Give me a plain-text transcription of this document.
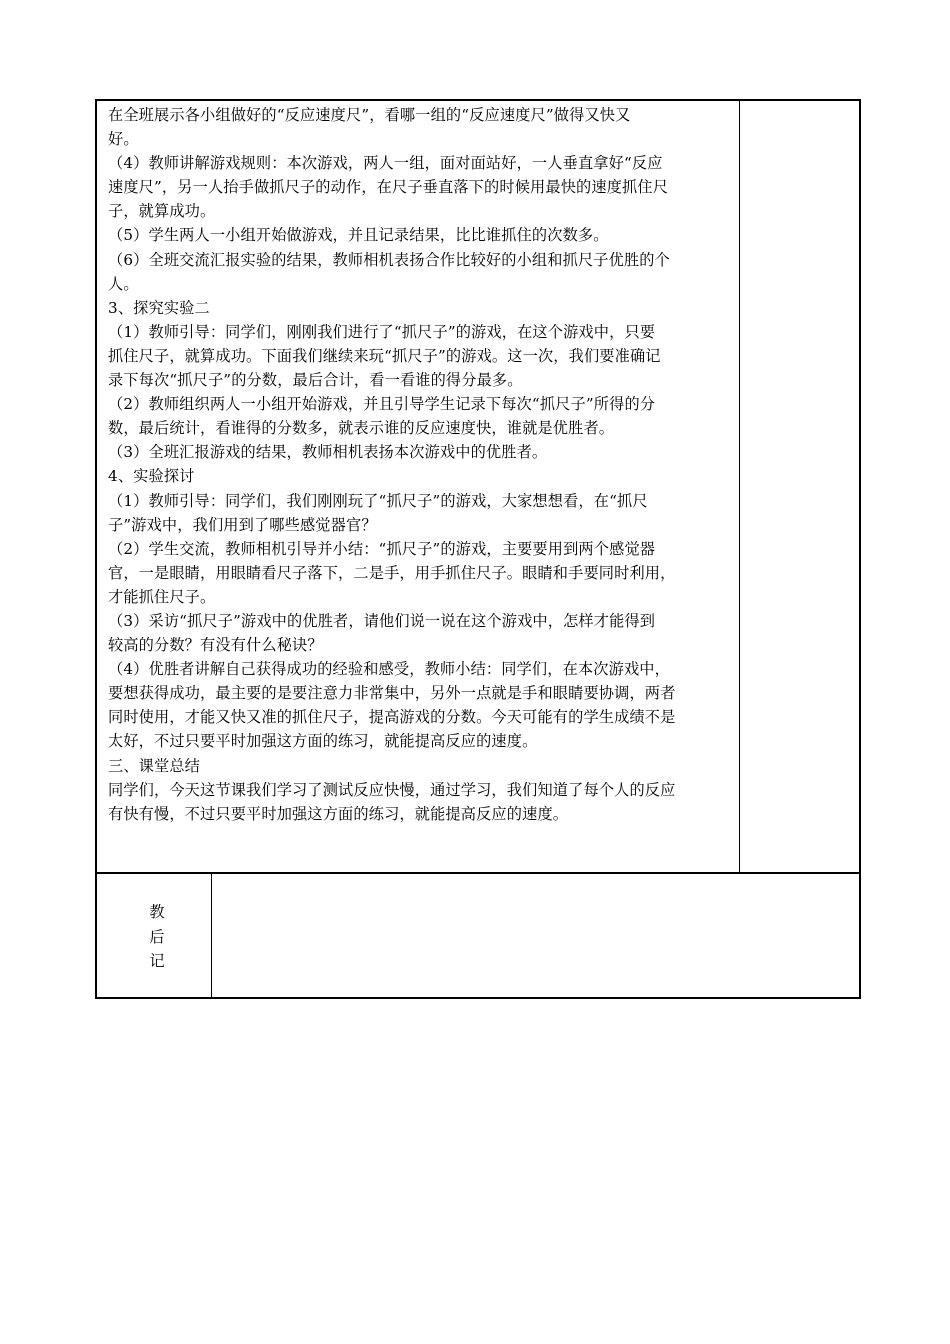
在全班展示各小组做好的“反应速度尺”，看哪一组的“反应速度尺”做得又快又
好。
（4）教师讲解游戏规则：本次游戏，两人一组，面对面站好，一人垂直拿好“反应
速度尺”，另一人抬手做抓尺子的动作，在尺子垂直落下的时候用最快的速度抓住尺
子，就算成功。
（5）学生两人一小组开始做游戏，并且记录结果，比比谁抓住的次数多。
（6）全班交流汇报实验的结果，教师相机表扬合作比较好的小组和抓尺子优胜的个
人。
3、探究实验二
（1）教师引导：同学们，刚刚我们进行了“抓尺子”的游戏，在这个游戏中，只要
抓住尺子，就算成功。下面我们继续来玩“抓尺子”的游戏。这一次，我们要准确记
录下每次“抓尺子”的分数，最后合计，看一看谁的得分最多。
（2）教师组织两人一小组开始游戏，并且引导学生记录下每次“抓尺子”所得的分
数，最后统计，看谁得的分数多，就表示谁的反应速度快，谁就是优胜者。
（3）全班汇报游戏的结果，教师相机表扬本次游戏中的优胜者。
4、实验探讨
（1）教师引导：同学们，我们刚刚玩了“抓尺子”的游戏，大家想想看，在“抓尺
子”游戏中，我们用到了哪些感觉器官？
（2）学生交流，教师相机引导并小结：“抓尺子”的游戏，主要要用到两个感觉器
官，一是眼睛，用眼睛看尺子落下，二是手，用手抓住尺子。眼睛和手要同时利用，
才能抓住尺子。
（3）采访“抓尺子”游戏中的优胜者，请他们说一说在这个游戏中，怎样才能得到
较高的分数？有没有什么秘诀？
（4）优胜者讲解自己获得成功的经验和感受，教师小结：同学们，在本次游戏中，
要想获得成功，最主要的是要注意力非常集中，另外一点就是手和眼睛要协调，两者
同时使用，才能又快又准的抓住尺子，提高游戏的分数。今天可能有的学生成绩不是
太好，不过只要平时加强这方面的练习，就能提高反应的速度。
三、课堂总结
同学们，今天这节课我们学习了测试反应快慢，通过学习，我们知道了每个人的反应
有快有慢，不过只要平时加强这方面的练习，就能提高反应的速度。
教
后
记
